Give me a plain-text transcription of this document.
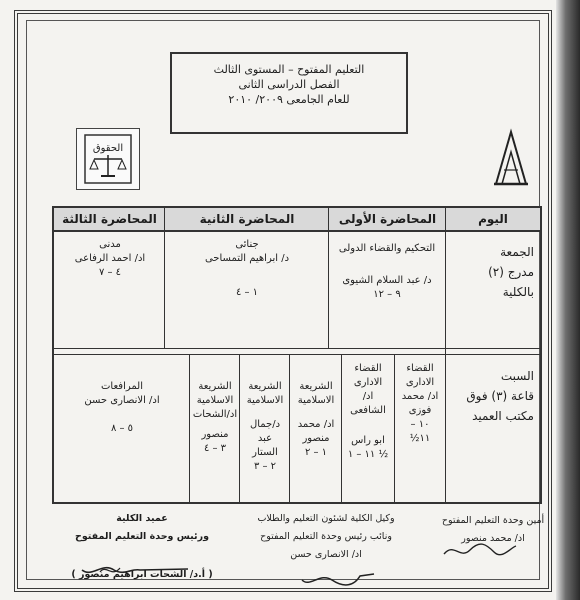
التعليم المفتوح – المستوى الثالث
الفصل الدراسى الثانى
للعام الجامعى ٢٠٠٩/ ٢٠١٠
الحقوق
اليوم
المحاضرة الأولى
المحاضرة الثانية
المحاضرة الثالثة
الجمعة
مدرج (٢)
بالكلية
التحكيم والقضاء الدولى
د/ عبد السلام الشيوى
٩ – ١٢
جنائى
د/ ابراهيم التمساحى
١ – ٤
مدنى
اد/ احمد الرفاعى
٤ – ٧
السبت
قاعة (٣) فوق
مكتب العميد
القضاء
الادارى
اد/ محمد
فوزى
١٠ –
١١½
القضاء
الادارى
اد/ الشافعى
ابو راس
½ ١١ – ١
الشريعة
الاسلامية
اد/ محمد
منصور
١ – ٢
الشريعة
الاسلامية
د/جمال
عبد
الستار
٢ – ٣
الشريعة
الاسلامية
اد/الشحات
منصور
٣ – ٤
المرافعات
اد/ الانصارى حسن
٥ – ٨
أمين وحدة التعليم المفتوح
اد/ محمد منصور
وكيل الكلية لشئون التعليم والطلاب
ونائب رئيس وحدة التعليم المفتوح
اد/ الانصارى حسن
عميد الكلية
ورئيس وحدة التعليم المفتوح
( أ.د/ الشحات ابراهيم منصور )
